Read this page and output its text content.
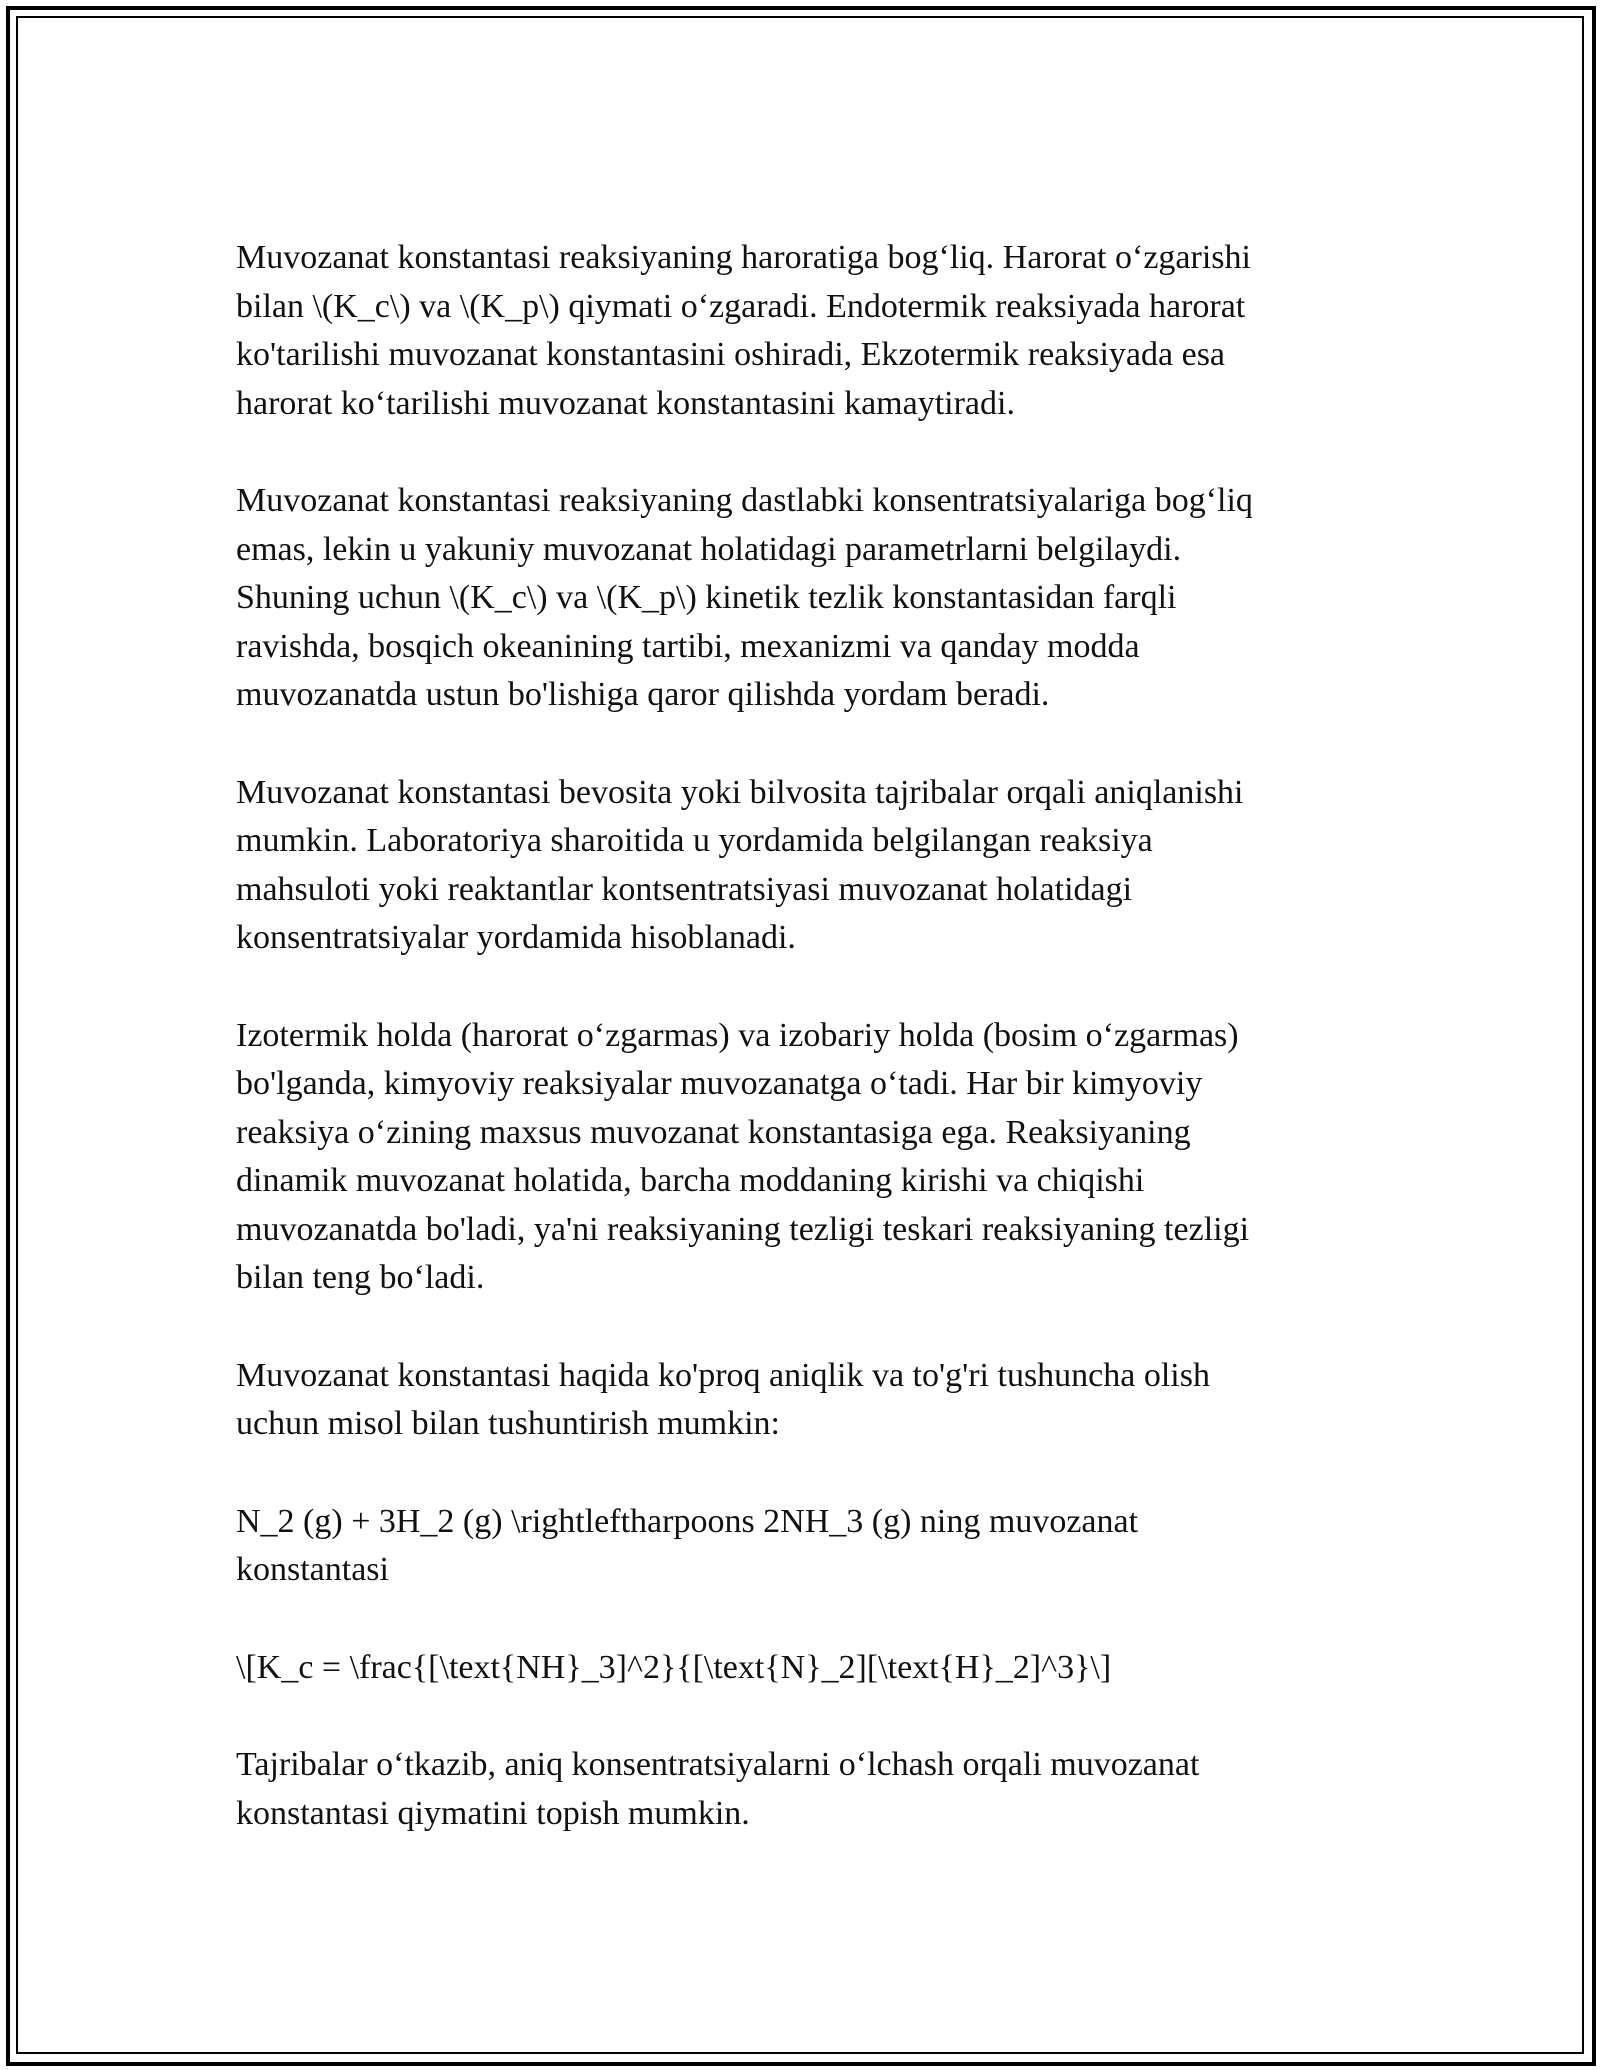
Muvozanat konstantasi reaksiyaning haroratiga bog‘liq. Harorat o‘zgarishi
bilan \(K_c\) va \(K_p\) qiymati o‘zgaradi. Endotermik reaksiyada harorat
ko'tarilishi muvozanat konstantasini oshiradi, Ekzotermik reaksiyada esa
harorat ko‘tarilishi muvozanat konstantasini kamaytiradi.

Muvozanat konstantasi reaksiyaning dastlabki konsentratsiyalariga bog‘liq
emas, lekin u yakuniy muvozanat holatidagi parametrlarni belgilaydi.
Shuning uchun \(K_c\) va \(K_p\) kinetik tezlik konstantasidan farqli
ravishda, bosqich okeanining tartibi, mexanizmi va qanday modda
muvozanatda ustun bo'lishiga qaror qilishda yordam beradi.

Muvozanat konstantasi bevosita yoki bilvosita tajribalar orqali aniqlanishi
mumkin. Laboratoriya sharoitida u yordamida belgilangan reaksiya
mahsuloti yoki reaktantlar kontsentratsiyasi muvozanat holatidagi
konsentratsiyalar yordamida hisoblanadi.

Izotermik holda (harorat o‘zgarmas) va izobariy holda (bosim o‘zgarmas)
bo'lganda, kimyoviy reaksiyalar muvozanatga o‘tadi. Har bir kimyoviy
reaksiya o‘zining maxsus muvozanat konstantasiga ega. Reaksiyaning
dinamik muvozanat holatida, barcha moddaning kirishi va chiqishi
muvozanatda bo'ladi, ya'ni reaksiyaning tezligi teskari reaksiyaning tezligi
bilan teng bo‘ladi.

Muvozanat konstantasi haqida ko'proq aniqlik va to'g'ri tushuncha olish
uchun misol bilan tushuntirish mumkin:

N_2 (g) + 3H_2 (g) \rightleftharpoons 2NH_3 (g) ning muvozanat
konstantasi

\[K_c = \frac{[\text{NH}_3]^2}{[\text{N}_2][\text{H}_2]^3}\]

Tajribalar o‘tkazib, aniq konsentratsiyalarni o‘lchash orqali muvozanat
konstantasi qiymatini topish mumkin.
